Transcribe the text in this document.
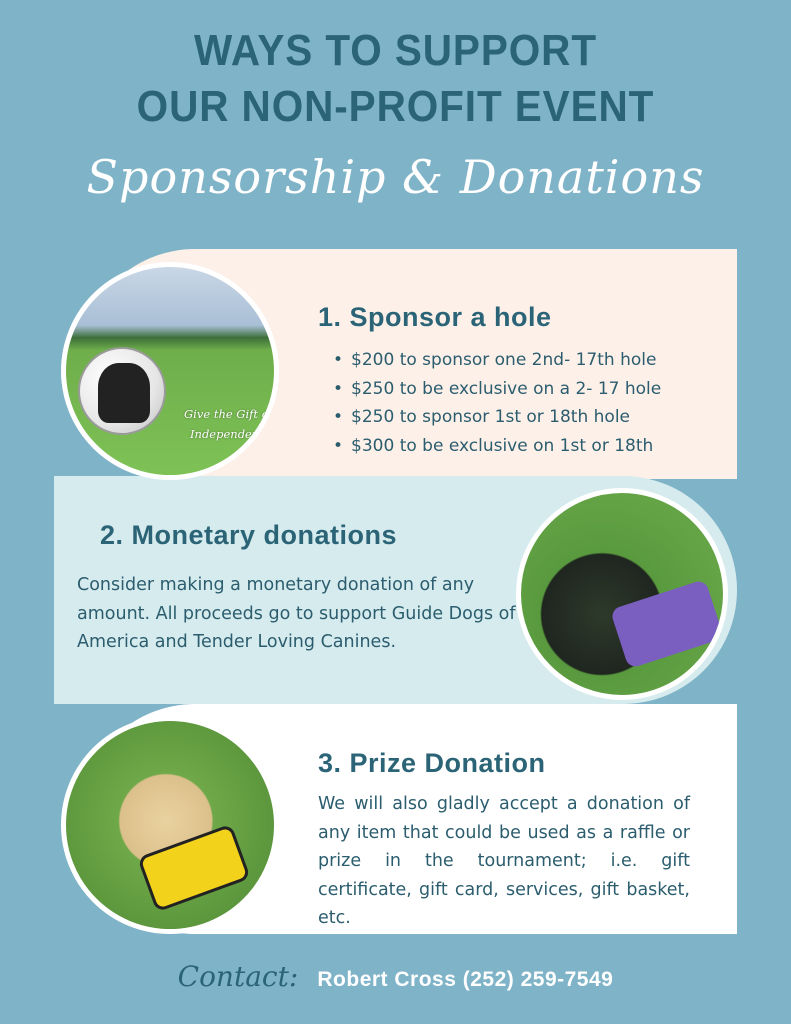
WAYS TO SUPPORT
OUR NON-PROFIT EVENT
Sponsorship & Donations
Give the Gift of
Independence
1. Sponsor a hole
• $200 to sponsor one 2nd- 17th hole
• $250 to be exclusive on a 2- 17 hole
• $250 to sponsor 1st or 18th hole
• $300 to be exclusive on 1st or 18th
2. Monetary donations

Consider making a monetary donation of any amount. All proceeds go to support Guide Dogs of America and Tender Loving Canines.

3. Prize Donation

We will also gladly accept a donation of any item that could be used as a raffle or prize in the tournament; i.e. gift certificate, gift card, services, gift basket, etc.

Contact: Robert Cross (252) 259-7549
